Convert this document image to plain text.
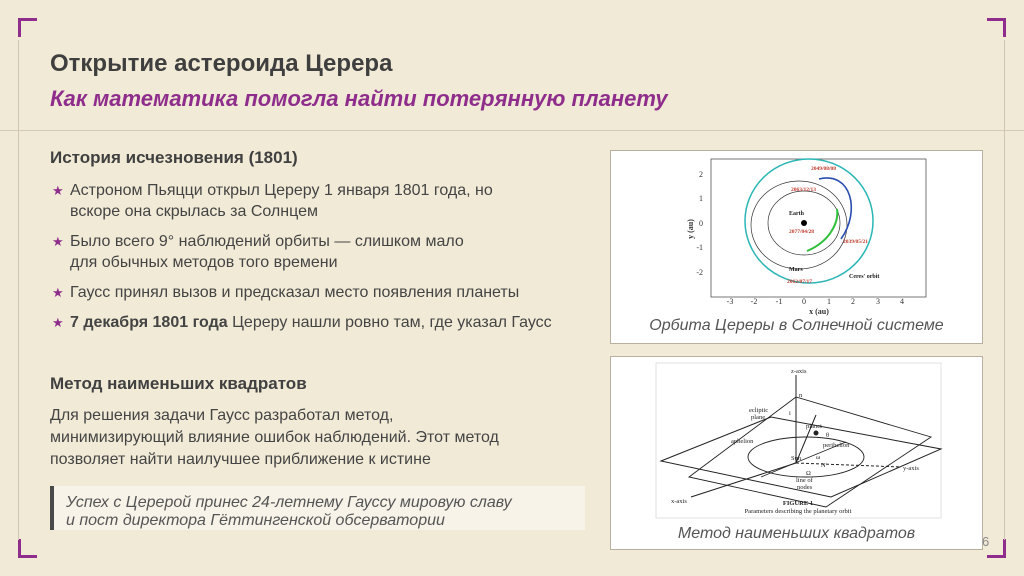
Открытие астероида Церера
Как математика помогла найти потерянную планету
История исчезновения (1801)
★ Астроном Пьяцци открыл Цереру 1 января 1801 года, но
вскоре она скрылась за Солнцем
★ Было всего 9° наблюдений орбиты — слишком мало
для обычных методов того времени
★ Гаусс принял вызов и предсказал место появления планеты
★ 7 декабря 1801 года Цереру нашли ровно там, где указал Гаусс
Метод наименьших квадратов

Для решения задачи Гаусс разработал метод,
минимизирующий влияние ошибок наблюдений. Этот метод
позволяет найти наилучшее приближение к истине

Успех с Церерой принес 24-летнему Гауссу мировую славу
и пост директора Гёттингенской обсерватории
2
1
0
-1
-2
-3 -2 -1 0	1	2	3	4
x (au)
y (au)
2049/08/08
2063/12/13
2077/04/28
2039/05/21
2062/07/17
Earth
Mars
Ceres' orbit
Орбита Цереры в Солнечной системе
z-axis
y-axis
x-axis
ecliptic
plane
planet
perihelion
aphelion
Sun
line of
nodes
n
θ
ω
N
Ω
i
FIGURE 1
Parameters describing the planetary orbit
Метод наименьших квадратов	6
